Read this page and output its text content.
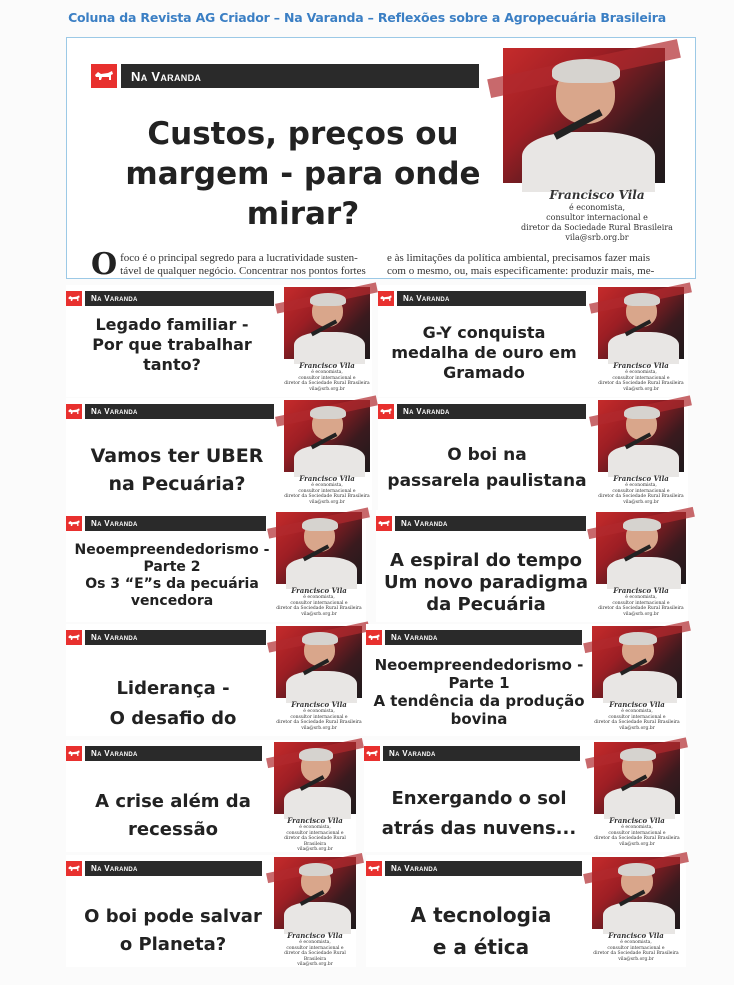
Coluna da Revista AG Criador – Na Varanda – Reflexões sobre a Agropecuária Brasileira
Na Varanda
Custos, preços ou
margem - para onde
mirar?
Francisco Vila
é economista,
consultor internacional e
diretor da Sociedade Rural Brasileira
vila@srb.org.br
O foco é o principal segredo para a lucratividade susten-
tável de qualquer negócio. Concentrar nos pontos fortes
e às limitações da política ambiental, precisamos fazer mais
com o mesmo, ou, mais especificamente: produzir mais, me-
Na Varanda
Legado familiar -
Por que trabalhar
tanto?	Francisco Vila
é economista,
consultor internacional e
diretor da Sociedade Rural Brasileira
vila@srb.org.br
Na Varanda
G-Y conquista
medalha de ouro em
Gramado	Francisco Vila
é economista,
consultor internacional e
diretor da Sociedade Rural Brasileira
vila@srb.org.br
Na Varanda
Vamos ter UBER
na Pecuária?	Francisco Vila
é economista,
consultor internacional e
diretor da Sociedade Rural Brasileira
vila@srb.org.br
Na Varanda
O boi na
passarela paulistana	Francisco Vila
é economista,
consultor internacional e
diretor da Sociedade Rural Brasileira
vila@srb.org.br
Na Varanda
Neoempreendedorismo -
Parte 2
Os 3 “E”s da pecuária
vencedora
Francisco Vila
é economista,
consultor internacional e
diretor da Sociedade Rural Brasileira
vila@srb.org.br
Na Varanda
A espiral do tempo
Um novo paradigma
da Pecuária
Francisco Vila
é economista,
consultor internacional e
diretor da Sociedade Rural Brasileira
vila@srb.org.br
Na Varanda
Liderança -
O desafio do
Francisco Vila
é economista,
consultor internacional e
diretor da Sociedade Rural Brasileira
vila@srb.org.br
Na Varanda
Neoempreendedorismo -
Parte 1
A tendência da produção
bovina
Francisco Vila
é economista,
consultor internacional e
diretor da Sociedade Rural Brasileira
vila@srb.org.br
Na Varanda
A crise além da
recessão	Francisco Vila
é economista,
consultor internacional e
diretor da Sociedade Rural Brasileira
vila@srb.org.br
Na Varanda
Enxergando o sol
atrás das nuvens...	Francisco Vila
é economista,
consultor internacional e
diretor da Sociedade Rural Brasileira
vila@srb.org.br
Na Varanda
O boi pode salvar
o Planeta?	Francisco Vila
é economista,
consultor internacional e
diretor da Sociedade Rural Brasileira
vila@srb.org.br
Na Varanda
A tecnologia
e a ética	Francisco Vila
é economista,
consultor internacional e
diretor da Sociedade Rural Brasileira
vila@srb.org.br
